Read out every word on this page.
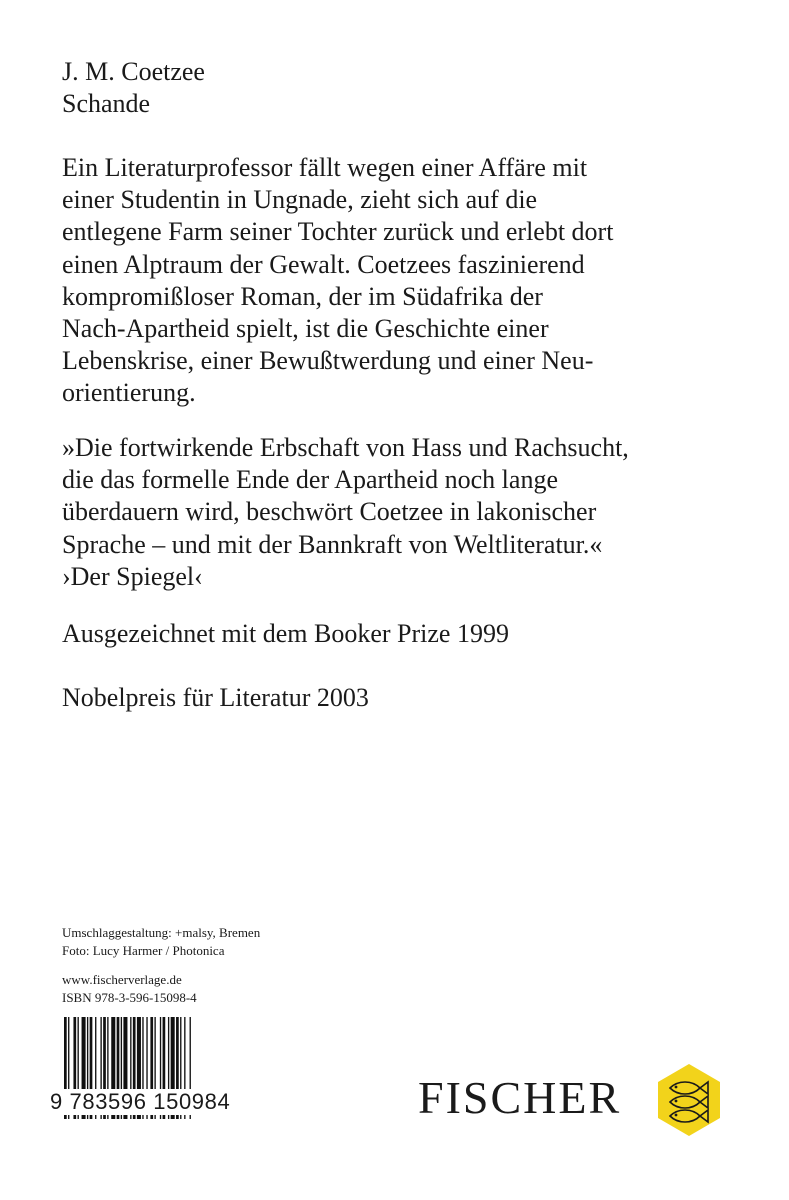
J. M. Coetzee
Schande
Ein Literaturprofessor fällt wegen einer Affäre mit
einer Studentin in Ungnade, zieht sich auf die
entlegene Farm seiner Tochter zurück und erlebt dort
einen Alptraum der Gewalt. Coetzees faszinierend
kompromißloser Roman, der im Südafrika der
Nach-Apartheid spielt, ist die Geschichte einer
Lebenskrise, einer Bewußtwerdung und einer Neu-
orientierung.
»Die fortwirkende Erbschaft von Hass und Rachsucht,
die das formelle Ende der Apartheid noch lange
überdauern wird, beschwört Coetzee in lakonischer
Sprache – und mit der Bannkraft von Weltliteratur.«
›Der Spiegel‹
Ausgezeichnet mit dem Booker Prize 1999
Nobelpreis für Literatur 2003
Umschlaggestaltung: +malsy, Bremen
Foto: Lucy Harmer / Photonica
www.fischerverlage.de
ISBN 978-3-596-15098-4
9 783596 150984	FISCHER
